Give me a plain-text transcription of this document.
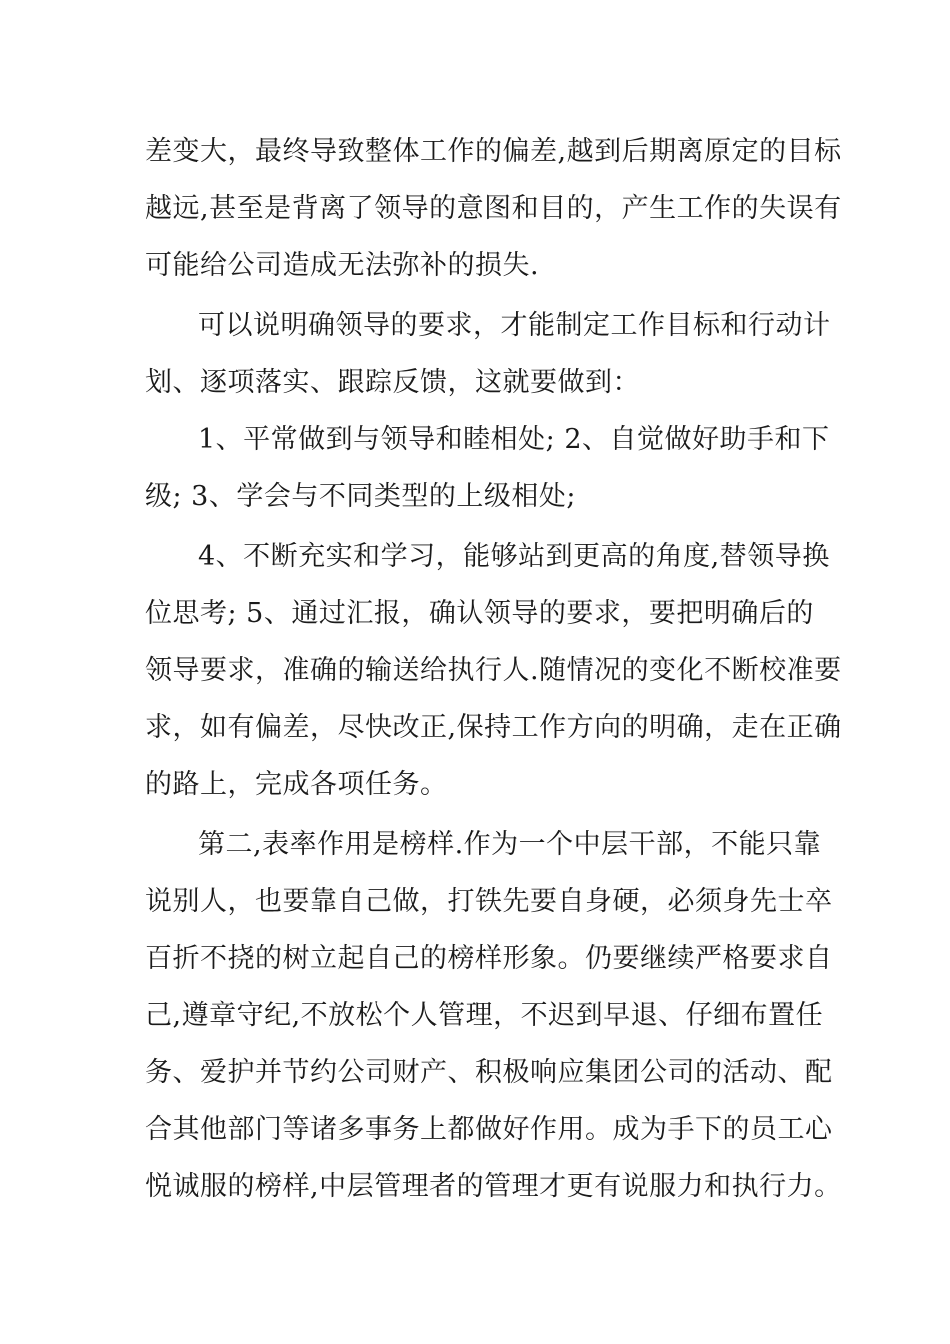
差变大，最终导致整体工作的偏差,越到后期离原定的目标
越远,甚至是背离了领导的意图和目的，产生工作的失误有
可能给公司造成无法弥补的损失.
可以说明确领导的要求，才能制定工作目标和行动计
划、逐项落实、跟踪反馈，这就要做到：
1、平常做到与领导和睦相处; 2、自觉做好助手和下
级; 3、学会与不同类型的上级相处;
4、不断充实和学习，能够站到更高的角度,替领导换
位思考; 5、通过汇报，确认领导的要求，要把明确后的
领导要求，准确的输送给执行人.随情况的变化不断校准要
求，如有偏差，尽快改正,保持工作方向的明确，走在正确
的路上，完成各项任务。
第二,表率作用是榜样.作为一个中层干部，不能只靠
说别人，也要靠自己做，打铁先要自身硬，必须身先士卒
百折不挠的树立起自己的榜样形象。仍要继续严格要求自
己,遵章守纪,不放松个人管理，不迟到早退、仔细布置任
务、爱护并节约公司财产、积极响应集团公司的活动、配
合其他部门等诸多事务上都做好作用。成为手下的员工心
悦诚服的榜样,中层管理者的管理才更有说服力和执行力。
